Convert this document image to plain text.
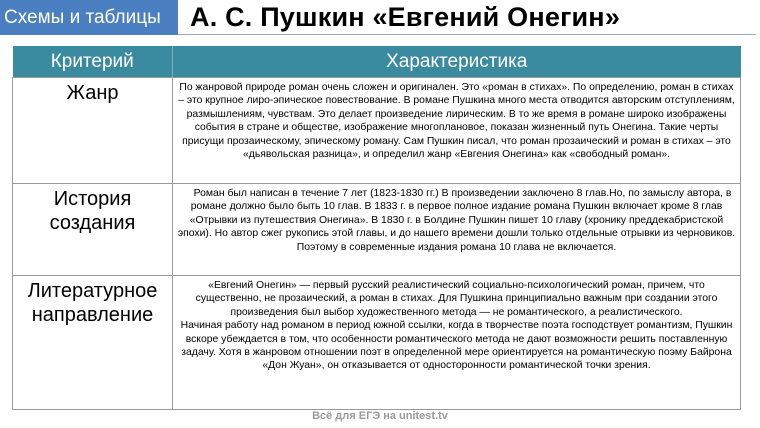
Схемы и таблицы	А. С. Пушкин «Евгений Онегин»
Критерий	Характеристика
Жанр	По жанровой природе роман очень сложен и оригинален. Это «роман в стихах». По определению, роман в стихах – это крупное лиро-эпическое повествование. В романе Пушкина много места отводится авторским отступлениям, размышлениям, чувствам. Это делает произведение лирическим. В то же время в романе широко изображены события в стране и обществе, изображение многоплановое, показан жизненный путь Онегина. Такие черты присущи прозаическому, эпическому роману. Сам Пушкин писал, что роман прозаический и роман в стихах – это «дьявольская разница», и определил жанр «Евгения Онегина» как «свободный роман».

История создания	Роман был написан в течение 7 лет (1823-1830 гг.) В произведении заключено 8 глав.Но, по замыслу автора, в романе должно было быть 10 глав. В 1833 г. в первое полное издание романа Пушкин включает кроме 8 глав «Отрывки из путешествия Онегина». В 1830 г. в Болдине Пушкин пишет 10 главу (хронику преддекабристской эпохи). Но автор сжег рукопись этой главы, и до нашего времени дошли только отдельные отрывки из черновиков. Поэтому в современные издания романа 10 глава не включается.

Литературное направление	«Евгений Онегин» — первый русский реалистический социально-психологический роман, причем, что существенно, не прозаический, а роман в стихах. Для Пушкина принципиально важным при создании этого произведения был выбор художественного метода — не романтического, а реалистического.

Начиная работу над романом в период южной ссылки, когда в творчестве поэта господствует романтизм, Пушкин вскоре убеждается в том, что особенности романтического метода не дают возможности решить поставленную задачу. Хотя в жанровом отношении поэт в определенной мере ориентируется на романтическую поэму Байрона «Дон Жуан», он отказывается от односторонности романтической точки зрения.

Всё для ЕГЭ на unitest.tv
